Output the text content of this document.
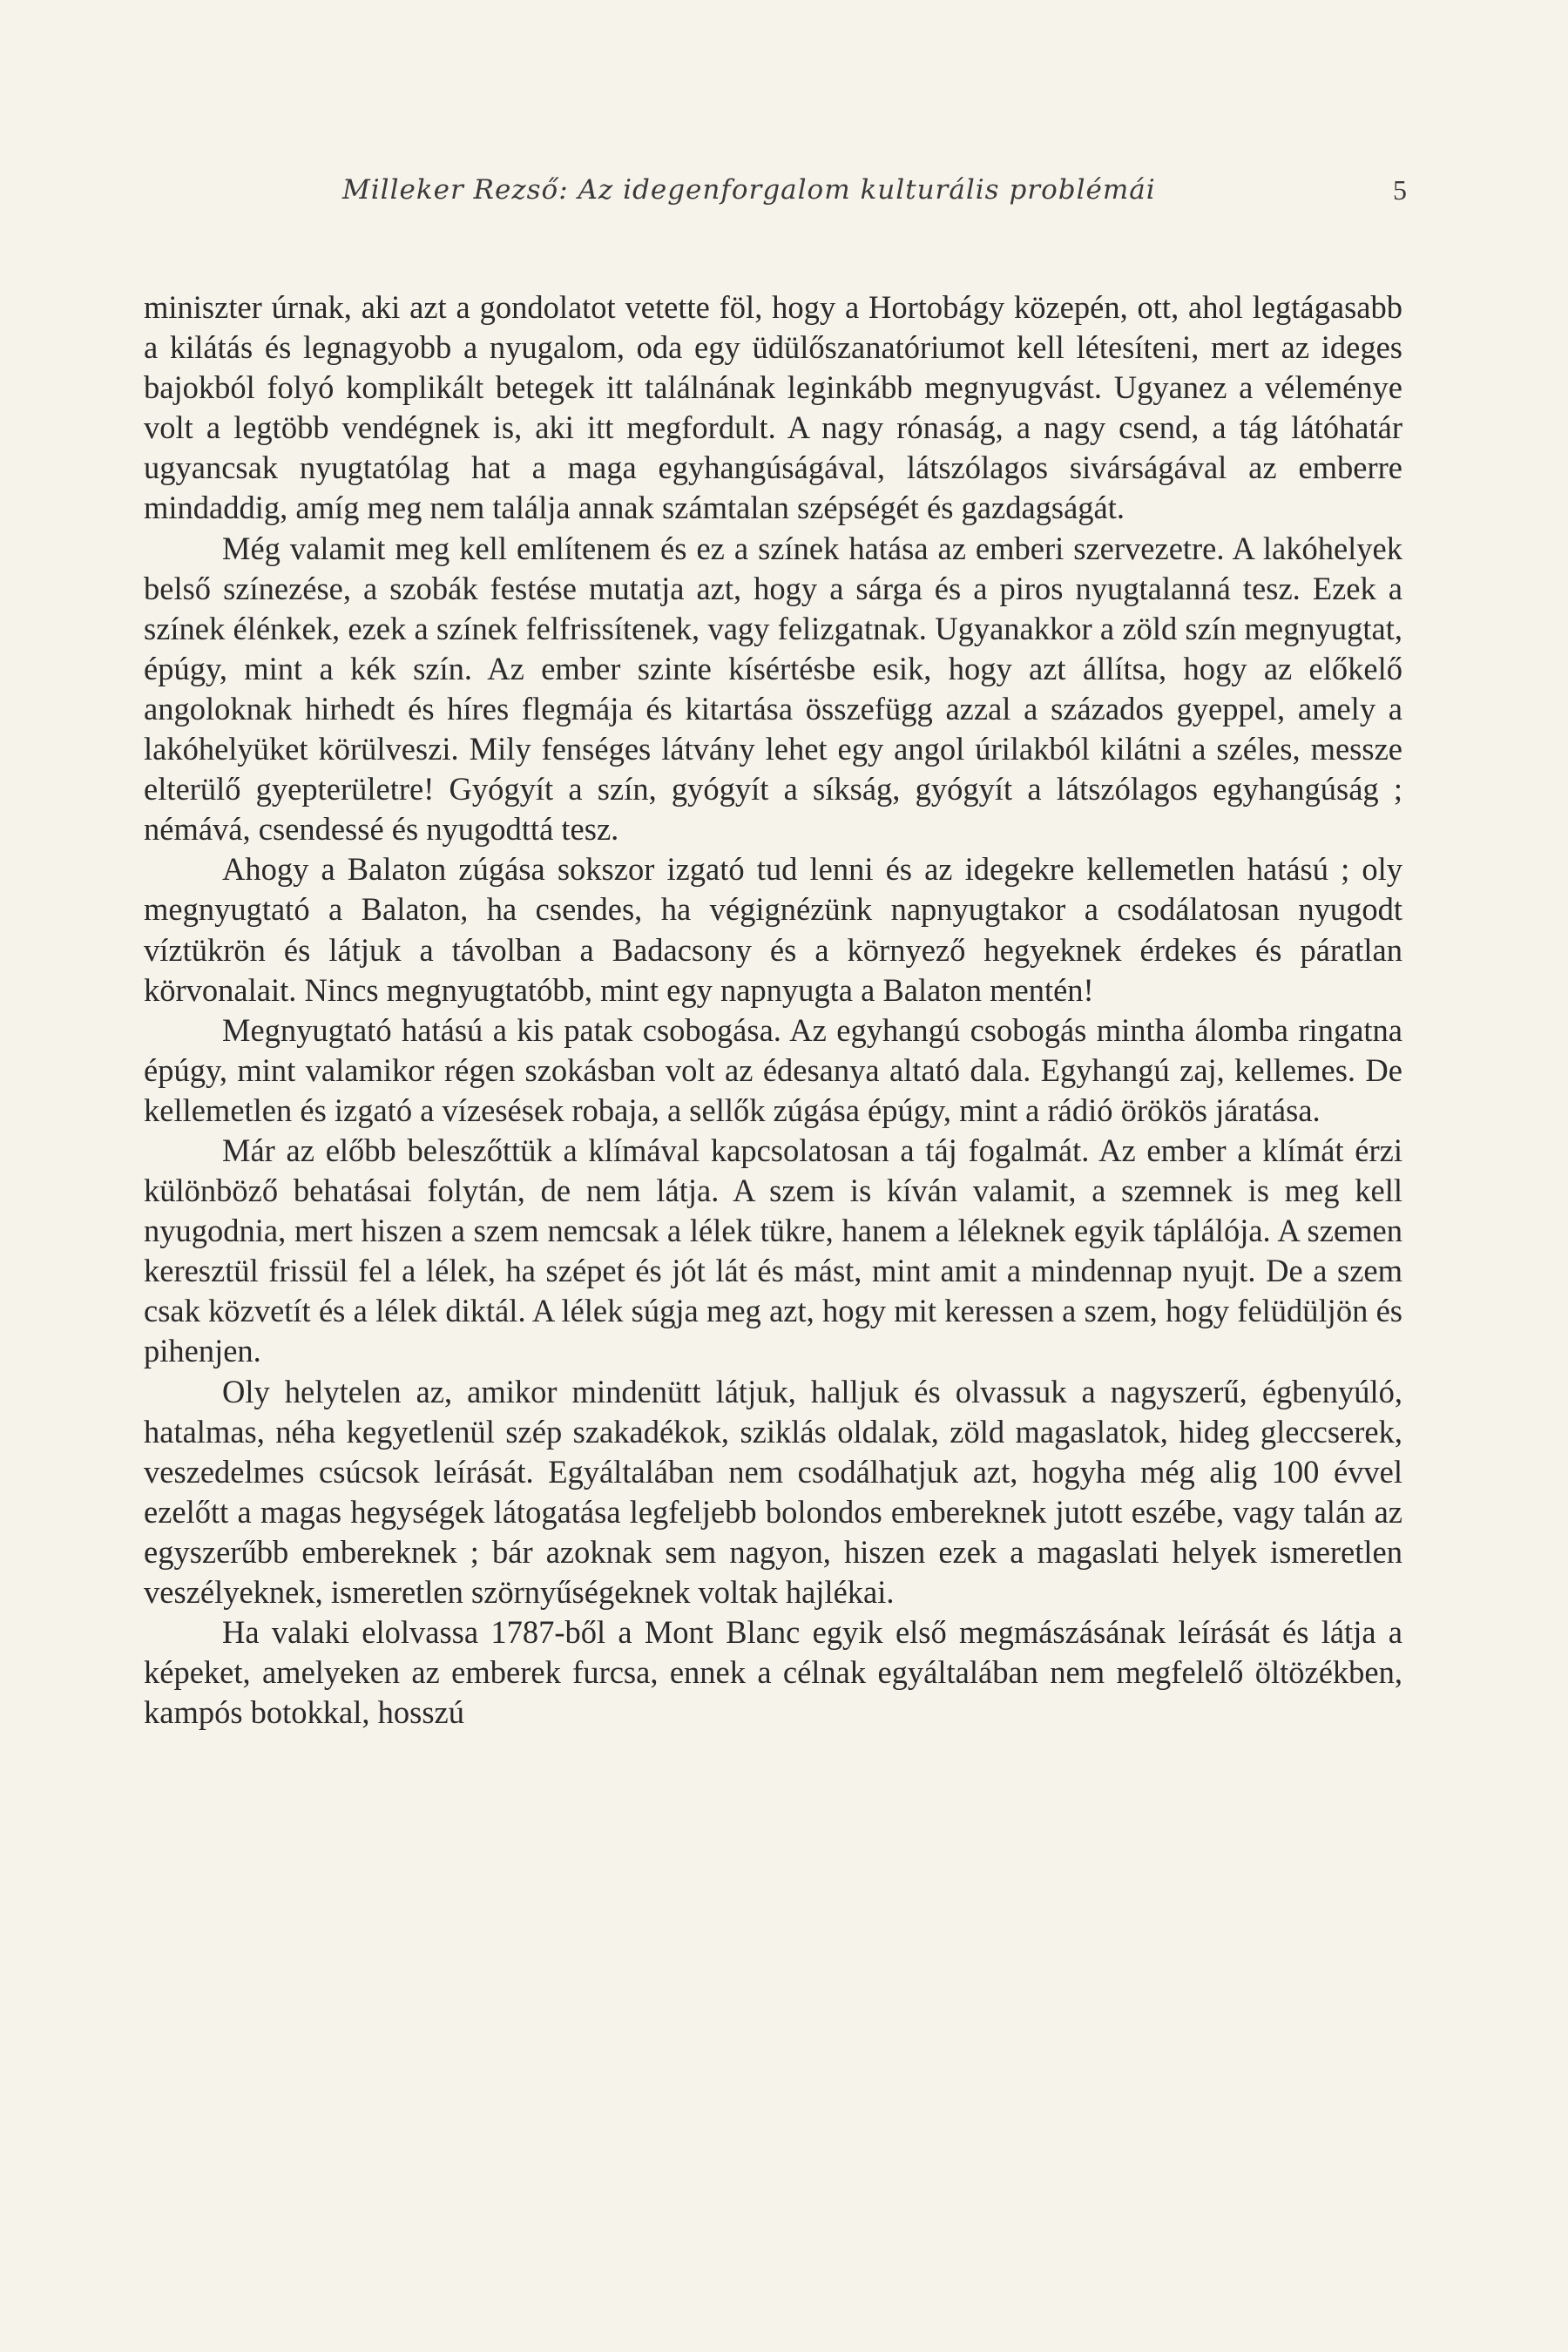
Milleker Rezső: Az idegenforgalom kulturális problémái	5

miniszter úrnak, aki azt a gondolatot vetette föl, hogy a Hortobágy közepén, ott, ahol legtágasabb a kilátás és legnagyobb a nyugalom, oda egy üdülőszanatóriumot kell létesíteni, mert az ideges bajokból folyó komplikált betegek itt találnának leginkább megnyugvást. Ugyanez a véleménye volt a legtöbb vendégnek is, aki itt megfordult. A nagy rónaság, a nagy csend, a tág látóhatár ugyancsak nyugtatólag hat a maga egyhangúságával, látszólagos sivárságával az emberre mindaddig, amíg meg nem találja annak számtalan szépségét és gazdagságát.

Még valamit meg kell említenem és ez a színek hatása az emberi szervezetre. A lakóhelyek belső színezése, a szobák festése mutatja azt, hogy a sárga és a piros nyugtalanná tesz. Ezek a színek élénkek, ezek a színek felfrissítenek, vagy felizgatnak. Ugyanakkor a zöld szín megnyugtat, épúgy, mint a kék szín. Az ember szinte kísértésbe esik, hogy azt állítsa, hogy az előkelő angoloknak hirhedt és híres flegmája és kitartása összefügg azzal a százados gyeppel, amely a lakóhelyüket körülveszi. Mily fenséges látvány lehet egy angol úrilakból kilátni a széles, messze elterülő gyepterületre! Gyógyít a szín, gyógyít a síkság, gyógyít a látszólagos egyhangúság ; némává, csendessé és nyugodttá tesz.

Ahogy a Balaton zúgása sokszor izgató tud lenni és az idegekre kellemetlen hatású ; oly megnyugtató a Balaton, ha csendes, ha végignézünk napnyugtakor a csodálatosan nyugodt víztükrön és látjuk a távolban a Badacsony és a környező hegyeknek érdekes és páratlan körvonalait. Nincs megnyugtatóbb, mint egy napnyugta a Balaton mentén!

Megnyugtató hatású a kis patak csobogása. Az egyhangú csobogás mintha álomba ringatna épúgy, mint valamikor régen szokásban volt az édesanya altató dala. Egyhangú zaj, kellemes. De kellemetlen és izgató a vízesések robaja, a sellők zúgása épúgy, mint a rádió örökös járatása.

Már az előbb beleszőttük a klímával kapcsolatosan a táj fogalmát. Az ember a klímát érzi különböző behatásai folytán, de nem látja. A szem is kíván valamit, a szemnek is meg kell nyugodnia, mert hiszen a szem nemcsak a lélek tükre, hanem a léleknek egyik táplálója. A szemen keresztül frissül fel a lélek, ha szépet és jót lát és mást, mint amit a mindennap nyujt. De a szem csak közvetít és a lélek diktál. A lélek súgja meg azt, hogy mit keressen a szem, hogy felüdüljön és pihenjen.

Oly helytelen az, amikor mindenütt látjuk, halljuk és olvassuk a nagyszerű, égbenyúló, hatalmas, néha kegyetlenül szép szakadékok, sziklás oldalak, zöld magaslatok, hideg gleccserek, veszedelmes csúcsok leírását. Egyáltalában nem csodálhatjuk azt, hogyha még alig 100 évvel ezelőtt a magas hegységek látogatása legfeljebb bolondos embereknek jutott eszébe, vagy talán az egyszerűbb embereknek ; bár azoknak sem nagyon, hiszen ezek a magaslati helyek ismeretlen veszélyeknek, ismeretlen szörnyűségeknek voltak hajlékai.

Ha valaki elolvassa 1787-ből a Mont Blanc egyik első megmászásának leírását és látja a képeket, amelyeken az emberek furcsa, ennek a célnak egyáltalában nem megfelelő öltözékben, kampós botokkal, hosszú
